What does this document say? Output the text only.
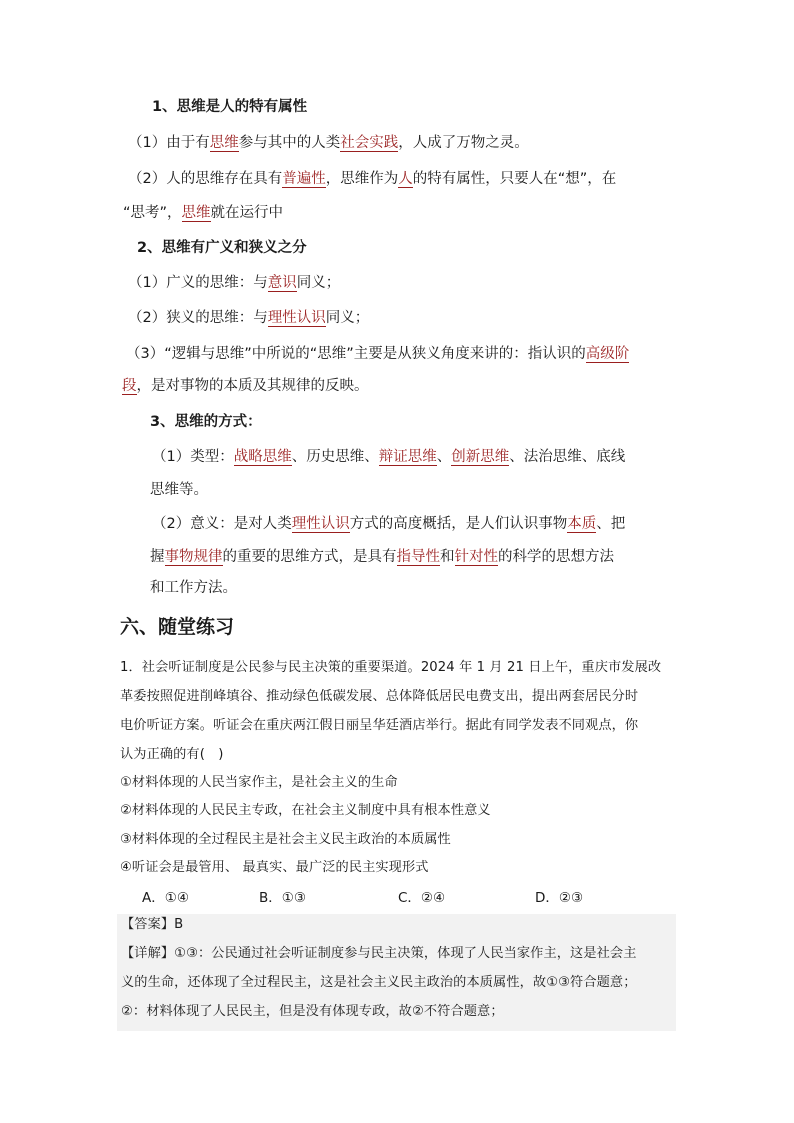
1、思维是人的特有属性
（1）由于有思维参与其中的人类社会实践，人成了万物之灵。
（2）人的思维存在具有普遍性，思维作为人的特有属性，只要人在“想”，在
“思考”，思维就在运行中
2、思维有广义和狭义之分
（1）广义的思维：与意识同义；
（2）狭义的思维：与理性认识同义；
（3）“逻辑与思维”中所说的“思维”主要是从狭义角度来讲的：指认识的高级阶
段，是对事物的本质及其规律的反映。
3、思维的方式：
（1）类型：战略思维、历史思维、辩证思维、创新思维、法治思维、底线
思维等。
（2）意义：是对人类理性认识方式的高度概括，是人们认识事物本质、把
握事物规律的重要的思维方式，是具有指导性和针对性的科学的思想方法
和工作方法。
六、随堂练习
1．社会听证制度是公民参与民主决策的重要渠道。2024 年 1 月 21 日上午，重庆市发展改
革委按照促进削峰填谷、推动绿色低碳发展、总体降低居民电费支出，提出两套居民分时
电价听证方案。听证会在重庆两江假日丽呈华廷酒店举行。据此有同学发表不同观点，你
认为正确的有(　)
①材料体现的人民当家作主，是社会主义的生命
②材料体现的人民民主专政，在社会主义制度中具有根本性意义
③材料体现的全过程民主是社会主义民主政治的本质属性
④听证会是最管用、 最真实、最广泛的民主实现形式
A．①④	B．①③	C．②④	D．②③
【答案】B
【详解】①③：公民通过社会听证制度参与民主决策，体现了人民当家作主，这是社会主
义的生命，还体现了全过程民主，这是社会主义民主政治的本质属性，故①③符合题意；
②：材料体现了人民民主，但是没有体现专政，故②不符合题意；
